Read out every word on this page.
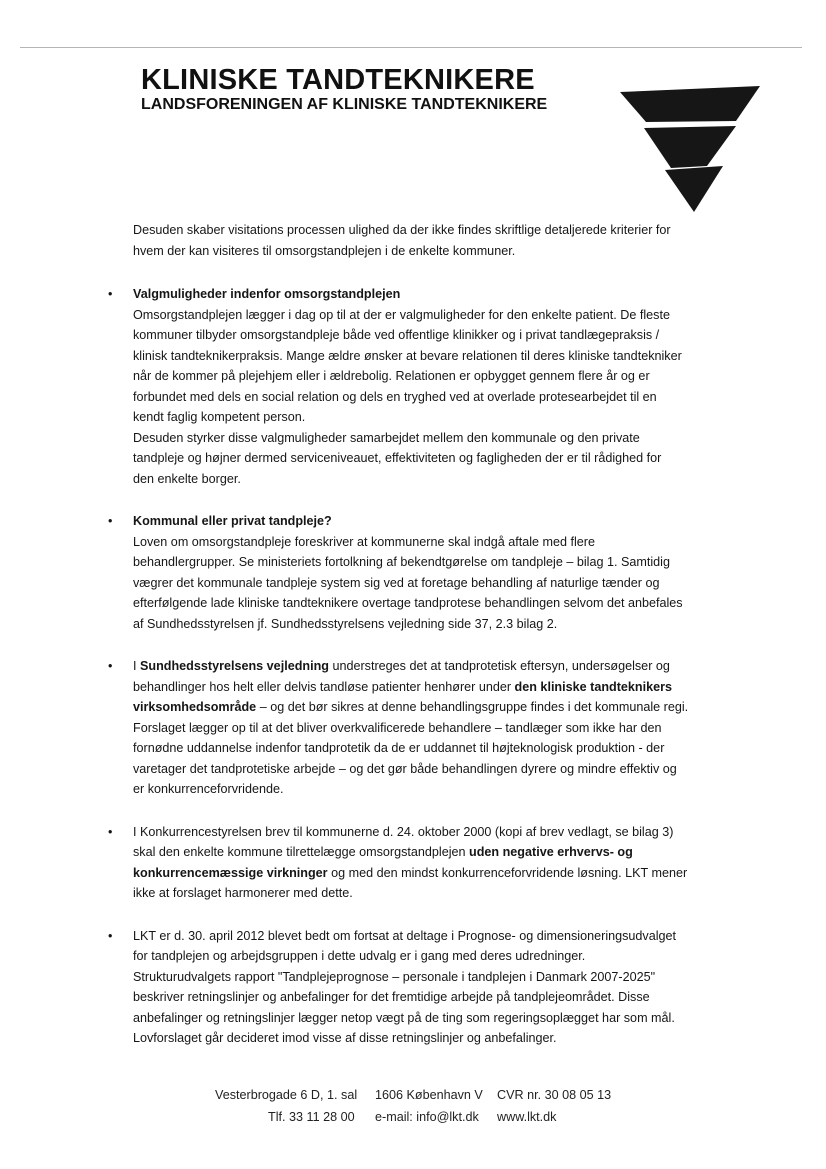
KLINISKE TANDTEKNIKERE
LANDSFORENINGEN AF KLINISKE TANDTEKNIKERE

Desuden skaber visitations processen ulighed da der ikke findes skriftlige detaljerede kriterier for

hvem der kan visiteres til omsorgstandplejen i de enkelte kommuner.

• Valgmuligheder indenfor omsorgstandplejen

Omsorgstandplejen lægger i dag op til at der er valgmuligheder for den enkelte patient. De fleste

kommuner tilbyder omsorgstandpleje både ved offentlige klinikker og i privat tandlægepraksis /

klinisk tandteknikerpraksis. Mange ældre ønsker at bevare relationen til deres kliniske tandtekniker

når de kommer på plejehjem eller i ældrebolig. Relationen er opbygget gennem flere år og er

forbundet med dels en social relation og dels en tryghed ved at overlade protesearbejdet til en

kendt faglig kompetent person.

Desuden styrker disse valgmuligheder samarbejdet mellem den kommunale og den private

tandpleje og højner dermed serviceniveauet, effektiviteten og fagligheden der er til rådighed for

den enkelte borger.

• Kommunal eller privat tandpleje?

Loven om omsorgstandpleje foreskriver at kommunerne skal indgå aftale med flere

behandlergrupper. Se ministeriets fortolkning af bekendtgørelse om tandpleje – bilag 1. Samtidig

vægrer det kommunale tandpleje system sig ved at foretage behandling af naturlige tænder og

efterfølgende lade kliniske tandteknikere overtage tandprotese behandlingen selvom det anbefales

af Sundhedsstyrelsen jf. Sundhedsstyrelsens vejledning side 37, 2.3 bilag 2.

• I Sundhedsstyrelsens vejledning understreges det at tandprotetisk eftersyn, undersøgelser og

behandlinger hos helt eller delvis tandløse patienter henhører under den kliniske tandteknikers

virksomhedsområde – og det bør sikres at denne behandlingsgruppe findes i det kommunale regi.

Forslaget lægger op til at det bliver overkvalificerede behandlere – tandlæger som ikke har den

fornødne uddannelse indenfor tandprotetik da de er uddannet til højteknologisk produktion - der

varetager det tandprotetiske arbejde – og det gør både behandlingen dyrere og mindre effektiv og

er konkurrenceforvridende.

• I Konkurrencestyrelsen brev til kommunerne d. 24. oktober 2000 (kopi af brev vedlagt, se bilag 3)

skal den enkelte kommune tilrettelægge omsorgstandplejen uden negative erhvervs- og

konkurrencemæssige virkninger og med den mindst konkurrenceforvridende løsning. LKT mener

ikke at forslaget harmonerer med dette.

• LKT er d. 30. april 2012 blevet bedt om fortsat at deltage i Prognose- og dimensioneringsudvalget

for tandplejen og arbejdsgruppen i dette udvalg er i gang med deres udredninger.

Strukturudvalgets rapport "Tandplejeprognose – personale i tandplejen i Danmark 2007-2025"

beskriver retningslinjer og anbefalinger for det fremtidige arbejde på tandplejeområdet. Disse

anbefalinger og retningslinjer lægger netop vægt på de ting som regeringsoplægget har som mål.

Lovforslaget går decideret imod visse af disse retningslinjer og anbefalinger.

Vesterbrogade 6 D, 1. sal 1606 København V CVR nr. 30 08 05 13
Tlf. 33 11 28 00 e-mail: info@lkt.dk www.lkt.dk
